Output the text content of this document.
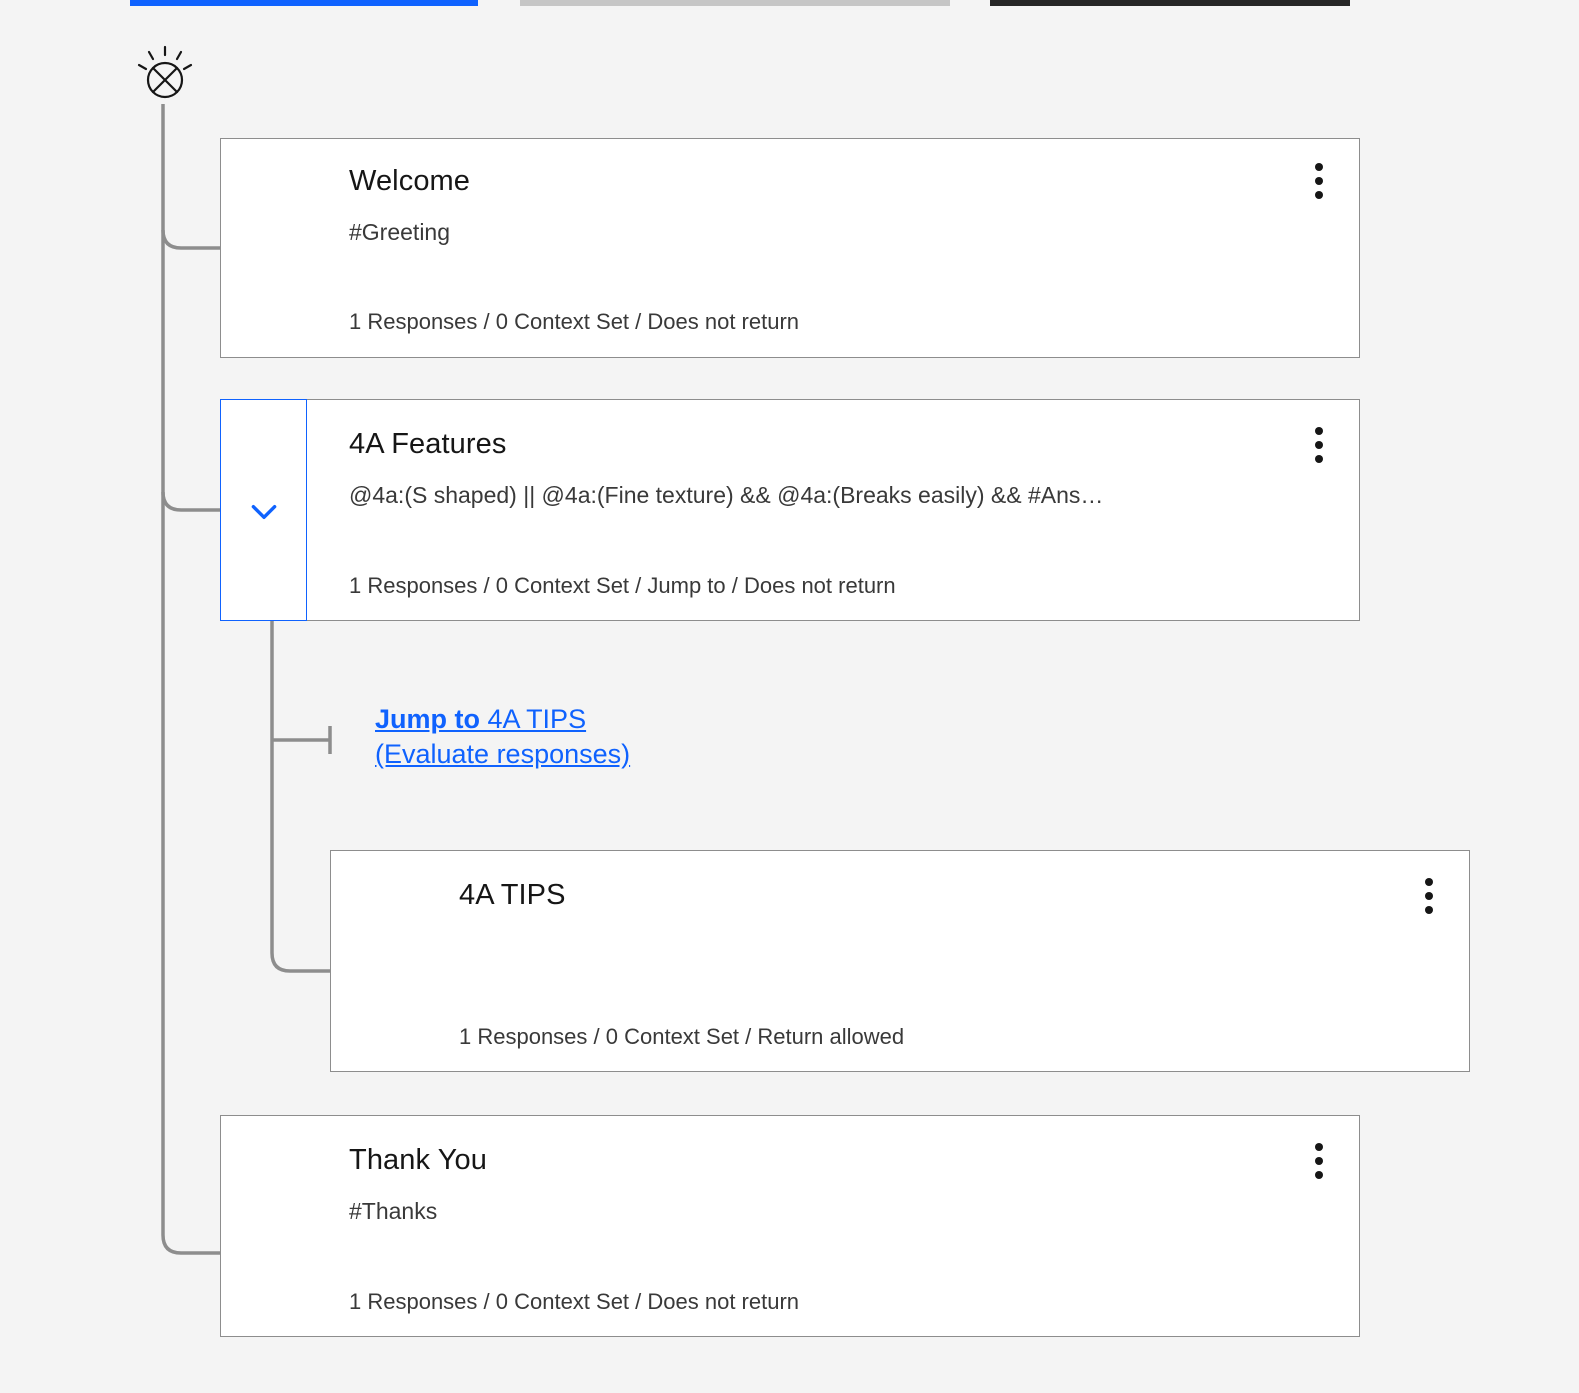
Welcome
#Greeting
1 Responses / 0 Context Set / Does not return
4A Features
@4a:(S shaped) || @4a:(Fine texture) && @4a:(Breaks easily) && #Ans…
1 Responses / 0 Context Set / Jump to / Does not return
Jump to 4A TIPS
(Evaluate responses)
4A TIPS
1 Responses / 0 Context Set / Return allowed
Thank You
#Thanks
1 Responses / 0 Context Set / Does not return
